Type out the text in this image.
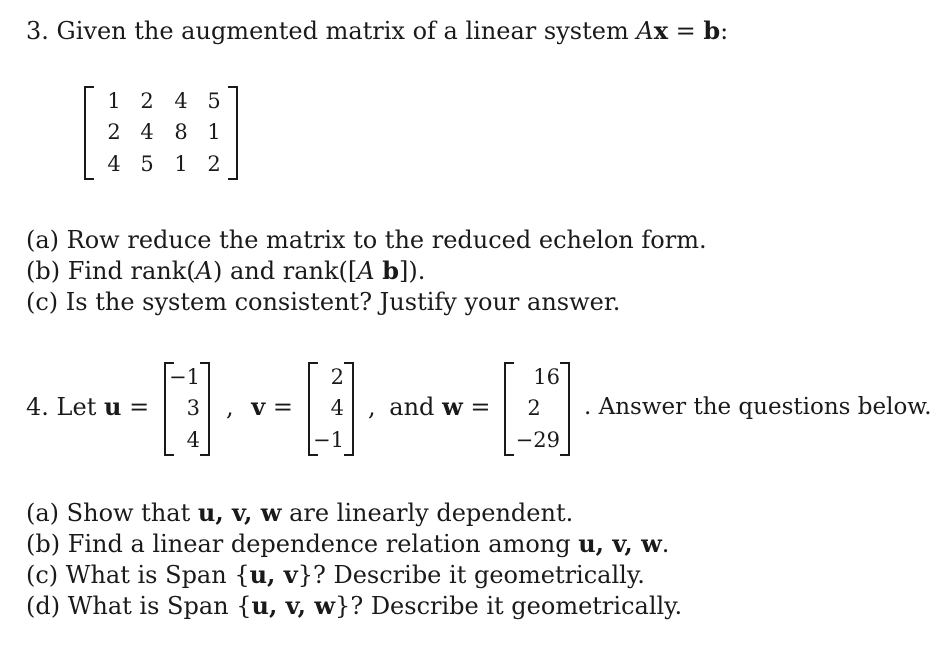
3. Given the augmented matrix of a linear system Ax = b:
1 2 4 5
2 4 8 1
4 5 1 2
(a) Row reduce the matrix to the reduced echelon form.
(b) Find rank(A) and rank([A b]).
(c) Is the system consistent? Justify your answer.
4. Let u =
−1
3
4
, v =
2
4
−1
, and w =
16
2
−29
. Answer the questions below.
(a) Show that u, v, w are linearly dependent.
(b) Find a linear dependence relation among u, v, w.
(c) What is Span {u, v}? Describe it geometrically.
(d) What is Span {u, v, w}? Describe it geometrically.
